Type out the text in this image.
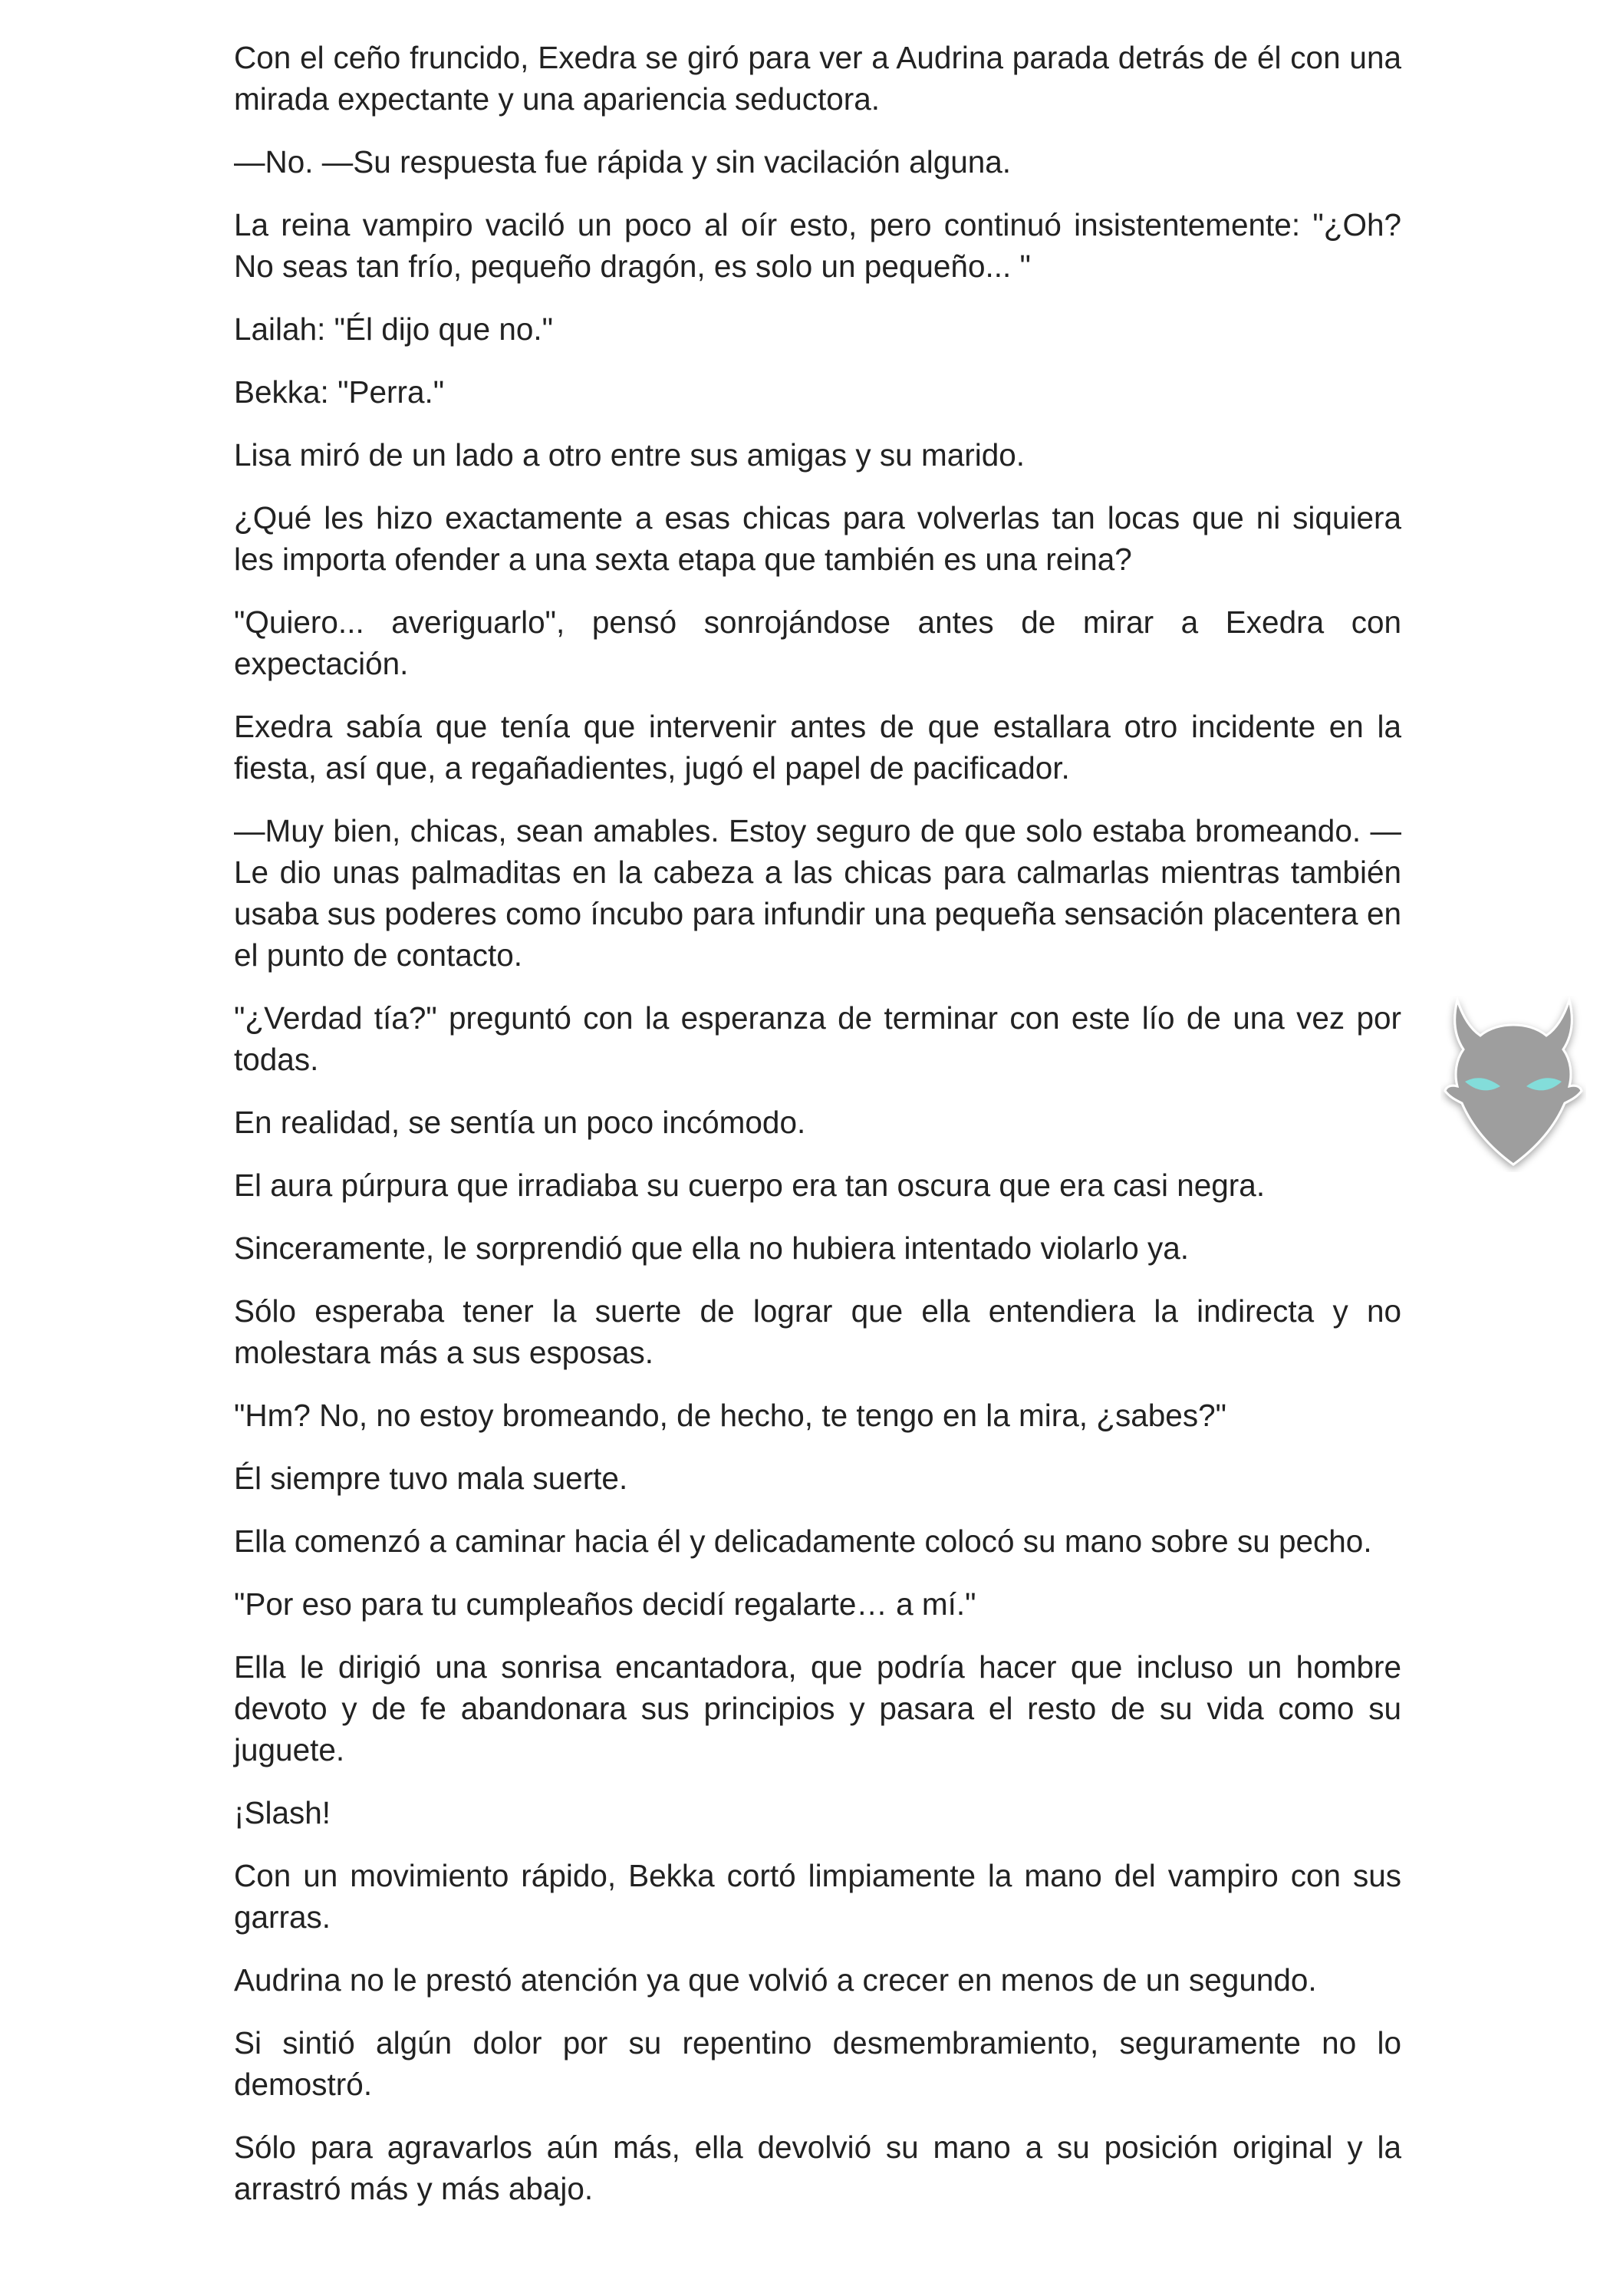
Con el ceño fruncido, Exedra se giró para ver a Audrina parada detrás de él con una mirada expectante y una apariencia seductora.

—No. —Su respuesta fue rápida y sin vacilación alguna.

La reina vampiro vaciló un poco al oír esto, pero continuó insistentemente: "¿Oh? No seas tan frío, pequeño dragón, es solo un pequeño... "

Lailah: "Él dijo que no."

Bekka: "Perra."

Lisa miró de un lado a otro entre sus amigas y su marido.

¿Qué les hizo exactamente a esas chicas para volverlas tan locas que ni siquiera les importa ofender a una sexta etapa que también es una reina?

"Quiero... averiguarlo", pensó sonrojándose antes de mirar a Exedra con expectación.

Exedra sabía que tenía que intervenir antes de que estallara otro incidente en la fiesta, así que, a regañadientes, jugó el papel de pacificador.

—Muy bien, chicas, sean amables. Estoy seguro de que solo estaba bromeando. —Le dio unas palmaditas en la cabeza a las chicas para calmarlas mientras también usaba sus poderes como íncubo para infundir una pequeña sensación placentera en el punto de contacto.

"¿Verdad tía?" preguntó con la esperanza de terminar con este lío de una vez por todas.

En realidad, se sentía un poco incómodo.

El aura púrpura que irradiaba su cuerpo era tan oscura que era casi negra.

Sinceramente, le sorprendió que ella no hubiera intentado violarlo ya.

Sólo esperaba tener la suerte de lograr que ella entendiera la indirecta y no molestara más a sus esposas.

"Hm? No, no estoy bromeando, de hecho, te tengo en la mira, ¿sabes?"

Él siempre tuvo mala suerte.

Ella comenzó a caminar hacia él y delicadamente colocó su mano sobre su pecho.

"Por eso para tu cumpleaños decidí regalarte… a mí."

Ella le dirigió una sonrisa encantadora, que podría hacer que incluso un hombre devoto y de fe abandonara sus principios y pasara el resto de su vida como su juguete.

¡Slash!

Con un movimiento rápido, Bekka cortó limpiamente la mano del vampiro con sus garras.

Audrina no le prestó atención ya que volvió a crecer en menos de un segundo.

Si sintió algún dolor por su repentino desmembramiento, seguramente no lo demostró.

Sólo para agravarlos aún más, ella devolvió su mano a su posición original y la arrastró más y más abajo.
